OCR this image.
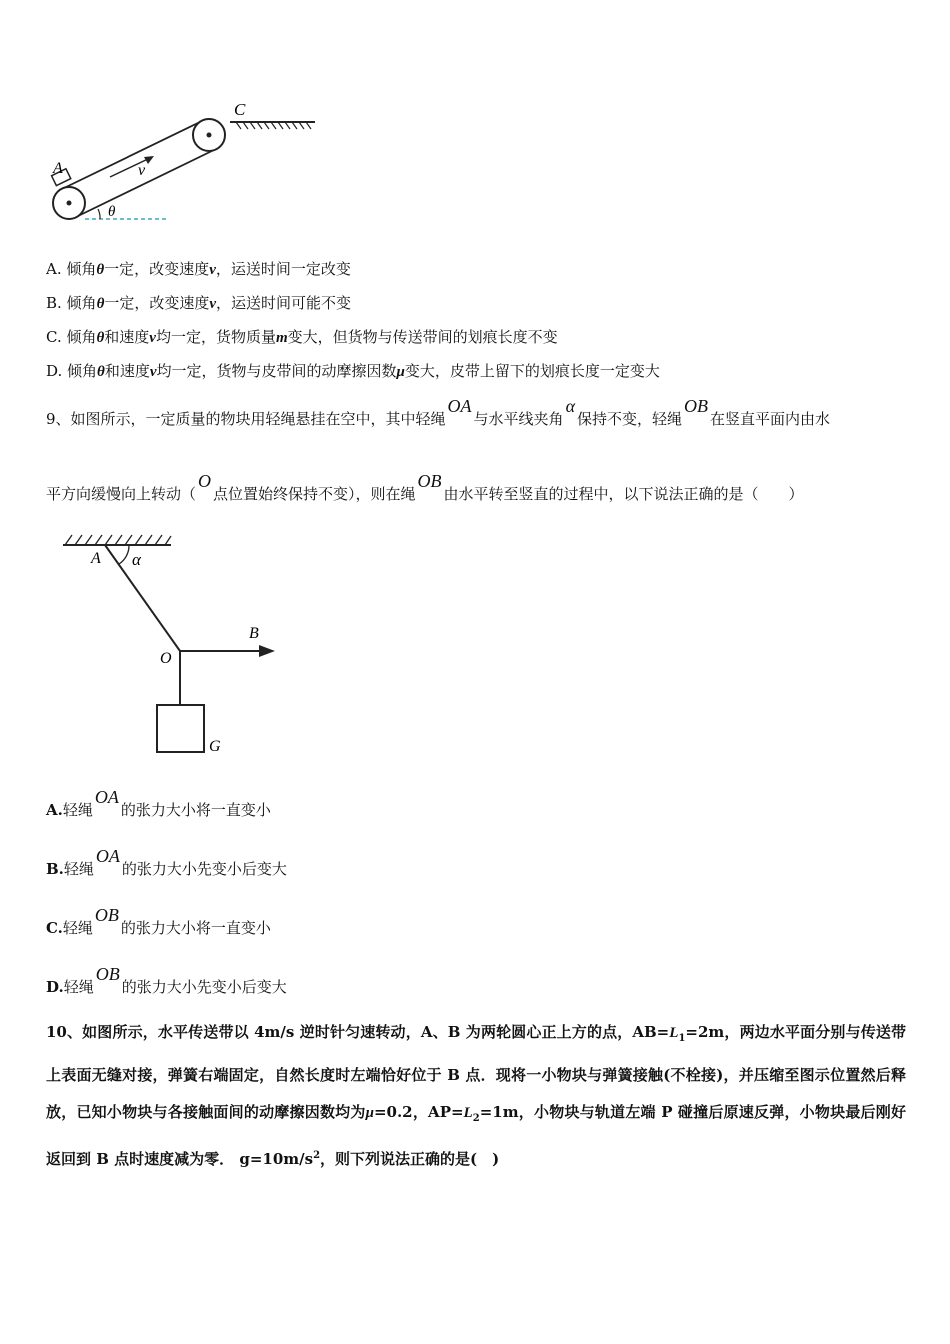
A
C
v
θ
A. 倾角θ一定，改变速度v，运送时间一定改变
B. 倾角θ一定，改变速度v，运送时间可能不变
C. 倾角θ和速度v均一定，货物质量m变大，但货物与传送带间的划痕长度不变
D. 倾角θ和速度v均一定，货物与皮带间的动摩擦因数μ变大，皮带上留下的划痕长度一定变大
9、如图所示，一定质量的物块用轻绳悬挂在空中，其中轻绳OA与水平线夹角α保持不变，轻绳OB在竖直平面内由水
平方向缓慢向上转动（O点位置始终保持不变），则在绳OB由水平转至竖直的过程中，以下说法正确的是（　　）
A α
O
B
G
A.轻绳OA的张力大小将一直变小
B.轻绳OA的张力大小先变小后变大
C.轻绳OB的张力大小将一直变小
D.轻绳OB的张力大小先变小后变大
10、如图所示，水平传送带以 4m/s 逆时针匀速转动，A、B 为两轮圆心正上方的点，$AB=L_1=2m$，两边水平面分别与传送带上表面无缝对接，弹簧右端固定，自然长度时左端恰好位于 B 点．现将一小物块与弹簧接触(不栓接)，并压缩至图示位置然后释放，已知小物块与各接触面间的动摩擦因数均为μ=0.2，$AP=L_2=1m$，小物块与轨道左端 P 碰撞后原速反弹，小物块最后刚好返回到 B 点时速度减为零． $g=10m/s^2$，则下列说法正确的是(　)
